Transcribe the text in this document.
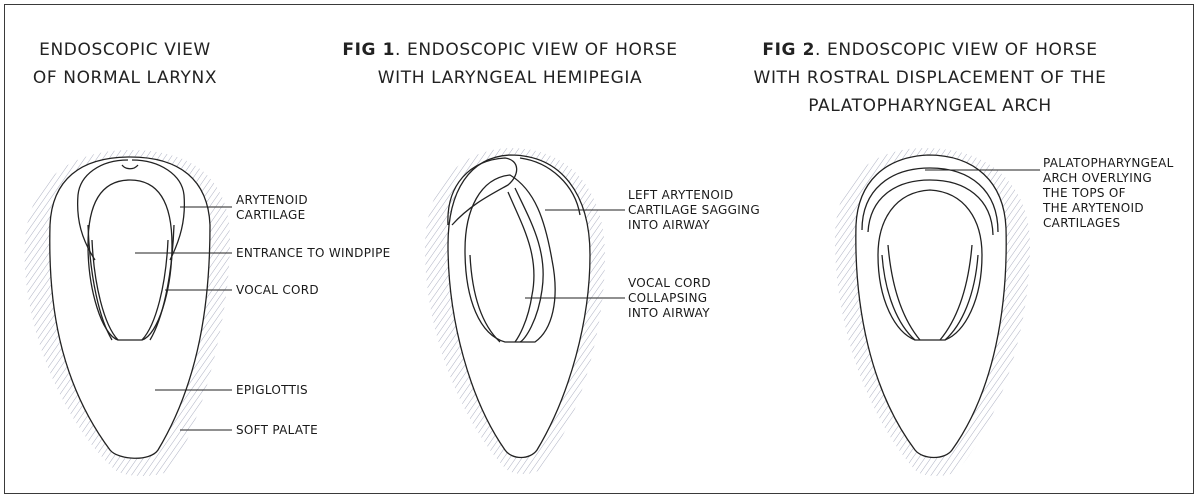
ENDOSCOPIC VIEW
OF NORMAL LARYNX
FIG 1. ENDOSCOPIC VIEW OF HORSE
WITH LARYNGEAL HEMIPEGIA
FIG 2. ENDOSCOPIC VIEW OF HORSE
WITH ROSTRAL DISPLACEMENT OF THE
PALATOPHARYNGEAL ARCH
ARYTENOID
CARTILAGE
ENTRANCE TO WINDPIPE
VOCAL CORD
EPIGLOTTIS
SOFT PALATE
LEFT ARYTENOID
CARTILAGE SAGGING
INTO AIRWAY
VOCAL CORD
COLLAPSING
INTO AIRWAY
PALATOPHARYNGEAL
ARCH OVERLYING
THE TOPS OF
THE ARYTENOID
CARTILAGES
